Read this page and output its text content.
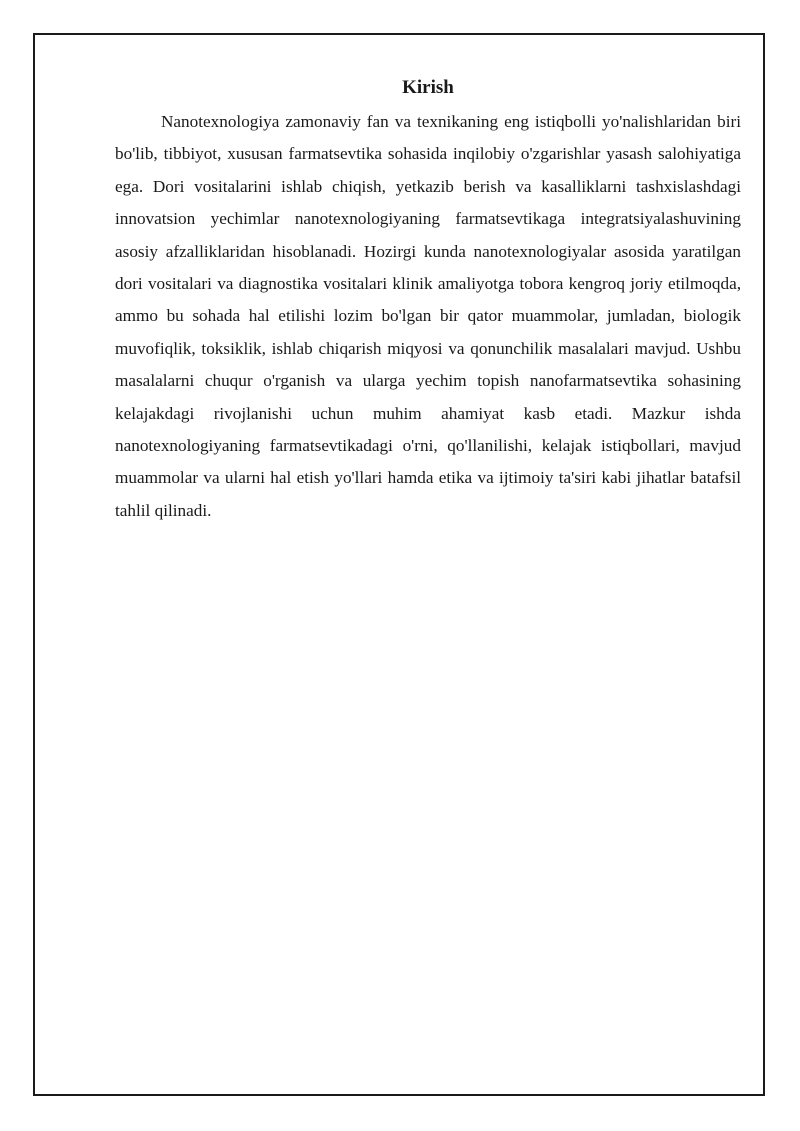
Kirish

Nanotexnologiya zamonaviy fan va texnikaning eng istiqbolli yo'nalishlaridan biri bo'lib, tibbiyot, xususan farmatsevtika sohasida inqilobiy o'zgarishlar yasash salohiyatiga ega. Dori vositalarini ishlab chiqish, yetkazib berish va kasalliklarni tashxislashdagi innovatsion yechimlar nanotexnologiyaning farmatsevtikaga integratsiyalashuvining asosiy afzalliklaridan hisoblanadi. Hozirgi kunda nanotexnologiyalar asosida yaratilgan dori vositalari va diagnostika vositalari klinik amaliyotga tobora kengroq joriy etilmoqda, ammo bu sohada hal etilishi lozim bo'lgan bir qator muammolar, jumladan, biologik muvofiqlik, toksiklik, ishlab chiqarish miqyosi va qonunchilik masalalari mavjud. Ushbu masalalarni chuqur o'rganish va ularga yechim topish nanofarmatsevtika sohasining kelajakdagi rivojlanishi uchun muhim ahamiyat kasb etadi. Mazkur ishda nanotexnologiyaning farmatsevtikadagi o'rni, qo'llanilishi, kelajak istiqbollari, mavjud muammolar va ularni hal etish yo'llari hamda etika va ijtimoiy ta'siri kabi jihatlar batafsil tahlil qilinadi.
